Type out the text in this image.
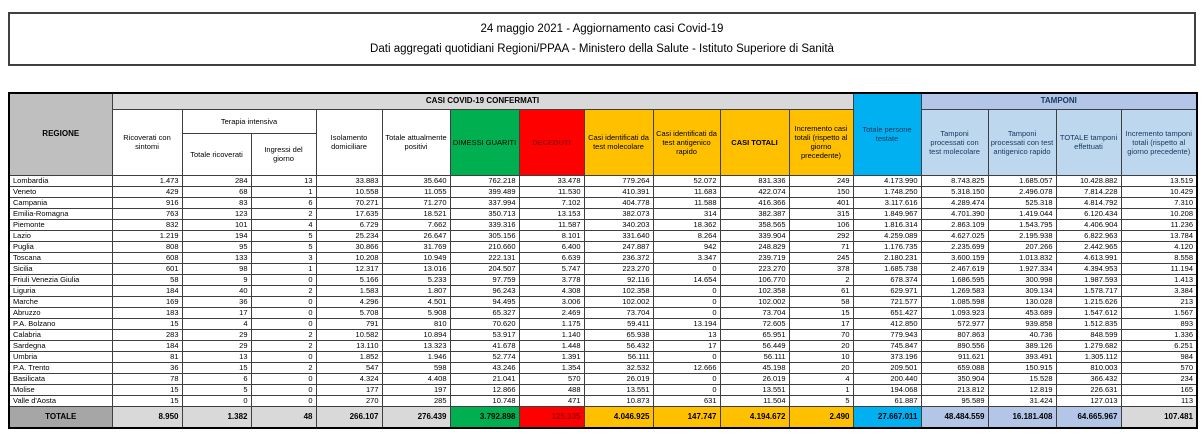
24 maggio 2021 - Aggiornamento casi Covid-19
Dati aggregati quotidiani Regioni/PPAA - Ministero della Salute - Istituto Superiore di Sanità
REGIONE	CASI COVID-19 CONFERMATI											Totale persone testate	TAMPONI			
	Ricoverati con sintomi	Terapia intensiva		Isolamento domiciliare	Totale attualmente positivi	DIMESSI GUARITI	DECEDUTI	Casi identificati da test molecolare	Casi identificati da test antigenico rapido	CASI TOTALI	Incremento casi totali (rispetto al giorno precedente)		Tamponi processati con test molecolare	Tamponi processati con test antigenico rapido	TOTALE tamponi effettuati	Incremento tamponi totali (rispetto al giorno precedente)
		Totale ricoverati	Ingressi del giorno													
Lombardia	1.473	284	13	33.883	35.640	762.218	33.478	779.264	52.072	831.336	249	4.173.990	8.743.825	1.685.057	10.428.882	13.519
Veneto	429	68	1	10.558	11.055	399.489	11.530	410.391	11.683	422.074	150	1.748.250	5.318.150	2.496.078	7.814.228	10.429
Campania	916	83	6	70.271	71.270	337.994	7.102	404.778	11.588	416.366	401	3.117.616	4.289.474	525.318	4.814.792	7.310
Emilia-Romagna	763	123	2	17.635	18.521	350.713	13.153	382.073	314	382.387	315	1.849.967	4.701.390	1.419.044	6.120.434	10.208
Piemonte	832	101	4	6.729	7.662	339.316	11.587	340.203	18.362	358.565	106	1.816.314	2.863.109	1.543.795	4.406.904	11.236
Lazio	1.219	194	5	25.234	26.647	305.156	8.101	331.640	8.264	339.904	292	4.259.089	4.627.025	2.195.938	6.822.963	13.784
Puglia	808	95	5	30.866	31.769	210.660	6.400	247.887	942	248.829	71	1.176.735	2.235.699	207.266	2.442.965	4.120
Toscana	608	133	3	10.208	10.949	222.131	6.639	236.372	3.347	239.719	245	2.180.231	3.600.159	1.013.832	4.613.991	8.558
Sicilia	601	98	1	12.317	13.016	204.507	5.747	223.270	0	223.270	378	1.685.738	2.467.619	1.927.334	4.394.953	11.194
Friuli Venezia Giulia	58	9	0	5.166	5.233	97.759	3.778	92.116	14.654	106.770	2	678.374	1.686.595	300.998	1.987.593	1.413
Liguria	184	40	2	1.583	1.807	96.243	4.308	102.358	0	102.358	61	629.971	1.269.583	309.134	1.578.717	3.384
Marche	169	36	0	4.296	4.501	94.495	3.006	102.002	0	102.002	58	721.577	1.085.598	130.028	1.215.626	213
Abruzzo	183	17	0	5.708	5.908	65.327	2.469	73.704	0	73.704	15	651.427	1.093.923	453.689	1.547.612	1.567
P.A. Bolzano	15	4	0	791	810	70.620	1.175	59.411	13.194	72.605	17	412.850	572.977	939.858	1.512.835	893
Calabria	283	29	2	10.582	10.894	53.917	1.140	65.938	13	65.951	70	779.943	807.863	40.736	848.599	1.336
Sardegna	184	29	2	13.110	13.323	41.678	1.448	56.432	17	56.449	20	745.847	890.556	389.126	1.279.682	6.251
Umbria	81	13	0	1.852	1.946	52.774	1.391	56.111	0	56.111	10	373.196	911.621	393.491	1.305.112	984
P.A. Trento	36	15	2	547	598	43.246	1.354	32.532	12.666	45.198	20	209.501	659.088	150.915	810.003	570
Basilicata	78	6	0	4.324	4.408	21.041	570	26.019	0	26.019	4	200.440	350.904	15.528	366.432	234
Molise	15	5	0	177	197	12.866	488	13.551	0	13.551	1	194.068	213.812	12.819	226.631	165
Valle d'Aosta	15	0	0	270	285	10.748	471	10.873	631	11.504	5	61.887	95.589	31.424	127.013	113
TOTALE	8.950	1.382	48	266.107	276.439	3.792.898	125.335	4.046.925	147.747	4.194.672	2.490	27.667.011	48.484.559	16.181.408	64.665.967	107.481
